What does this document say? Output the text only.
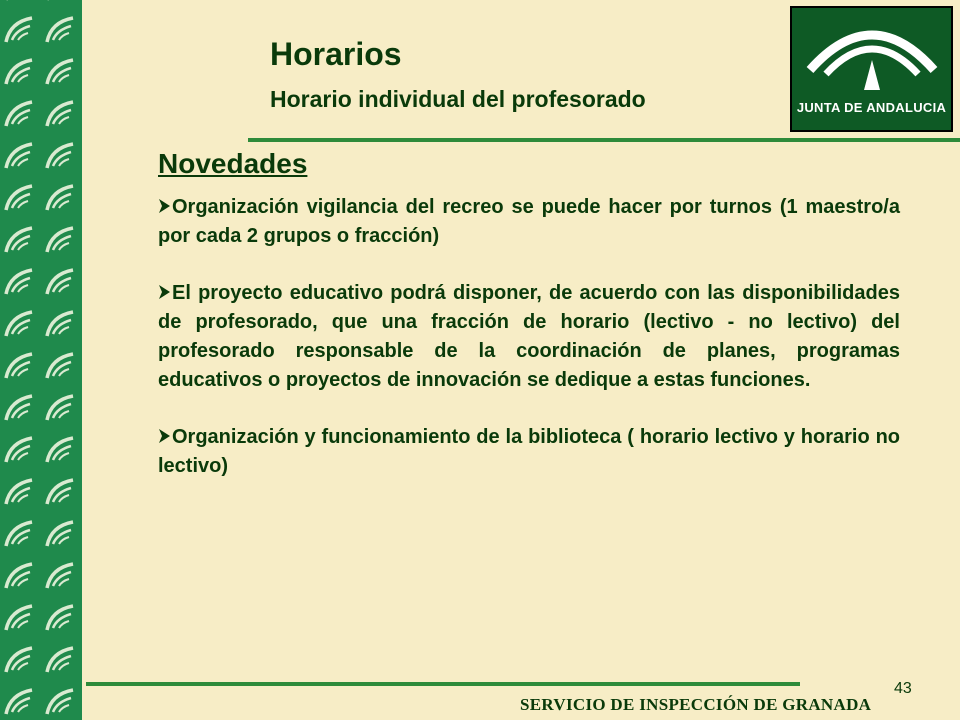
Horarios
Horario individual del profesorado	JUNTA DE ANDALUCIA
Novedades

Organización vigilancia del recreo se puede hacer por turnos (1 maestro/a por cada 2 grupos o fracción)

El proyecto educativo podrá disponer, de acuerdo con las disponibilidades de profesorado, que una fracción de horario (lectivo - no lectivo) del profesorado responsable de la coordinación de planes, programas educativos o proyectos de innovación se dedique a estas funciones.

Organización y funcionamiento de la biblioteca ( horario lectivo y horario no lectivo)

SERVICIO DE INSPECCIÓN DE GRANADA
43
